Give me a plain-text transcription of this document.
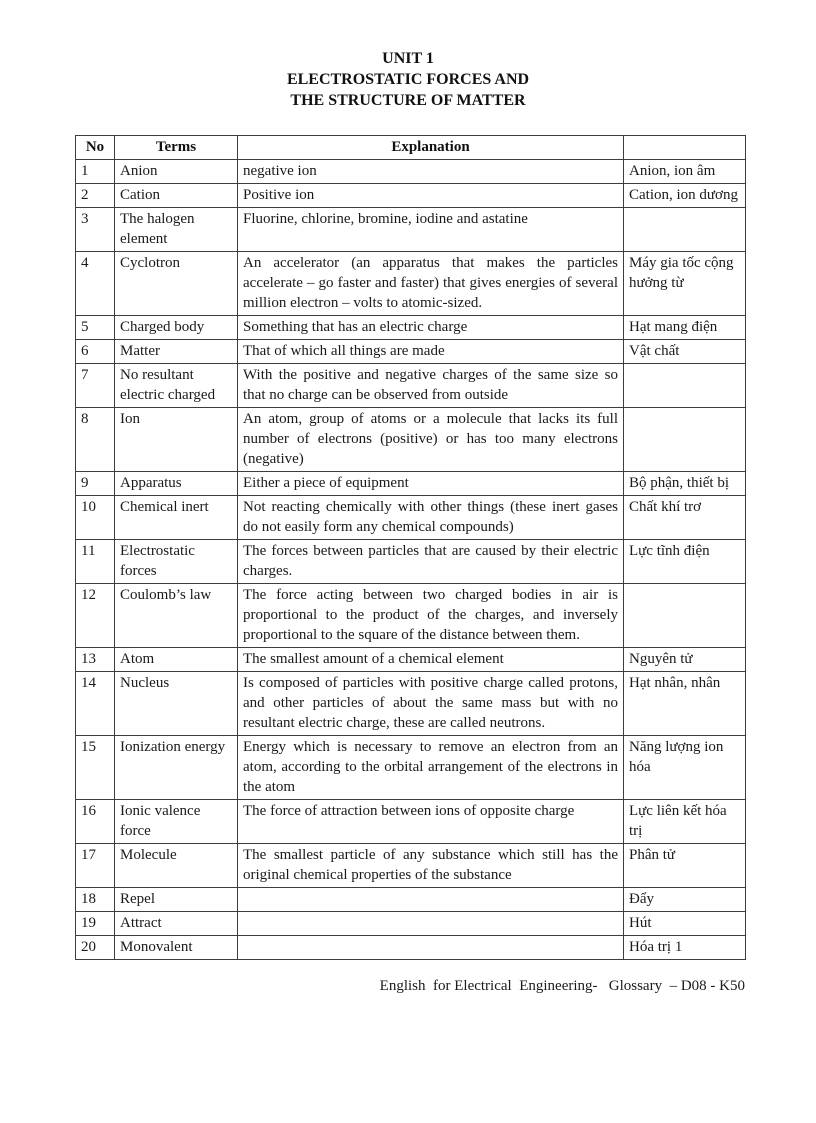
UNIT 1
ELECTROSTATIC FORCES AND
THE STRUCTURE OF MATTER
No	Terms	Explanation	
1	Anion	negative ion	Anion, ion âm
2	Cation	Positive ion	Cation, ion dương
3	The halogen element	Fluorine, chlorine, bromine, iodine and astatine	
4	Cyclotron	An accelerator (an apparatus that makes the particles accelerate – go faster and faster) that gives energies of several million electron – volts to atomic-sized.	Máy gia tốc cộng hưởng từ
5	Charged body	Something that has an electric charge	Hạt mang điện
6	Matter	That of which all things are made	Vật chất
7	No resultant electric charged	With the positive and negative charges of the same size so that no charge can be observed from outside	
8	Ion	An atom, group of atoms or a molecule that lacks its full number of electrons (positive) or has too many electrons (negative)	
9	Apparatus	Either a piece of equipment	Bộ phận, thiết bị
10	Chemical inert	Not reacting chemically with other things (these inert gases do not easily form any chemical compounds)	Chất khí trơ
11	Electrostatic forces	The forces between particles that are caused by their electric charges.	Lực tĩnh điện
12	Coulomb’s law	The force acting between two charged bodies in air is proportional to the product of the charges, and inversely proportional to the square of the distance between them.	
13	Atom	The smallest amount of a chemical element	Nguyên tử
14	Nucleus	Is composed of particles with positive charge called protons, and other particles of about the same mass but with no resultant electric charge, these are called neutrons.	Hạt nhân, nhân
15	Ionization energy	Energy which is necessary to remove an electron from an atom, according to the orbital arrangement of the electrons in the atom	Năng lượng ion hóa
16	Ionic valence force	The force of attraction between ions of opposite charge	Lực liên kết hóa trị
17	Molecule	The smallest particle of any substance which still has the original chemical properties of the substance	Phân tử
18	Repel		Đẩy
19	Attract		Hút
20	Monovalent		Hóa trị 1
English  for Electrical  Engineering-   Glossary  – D08 - K50
